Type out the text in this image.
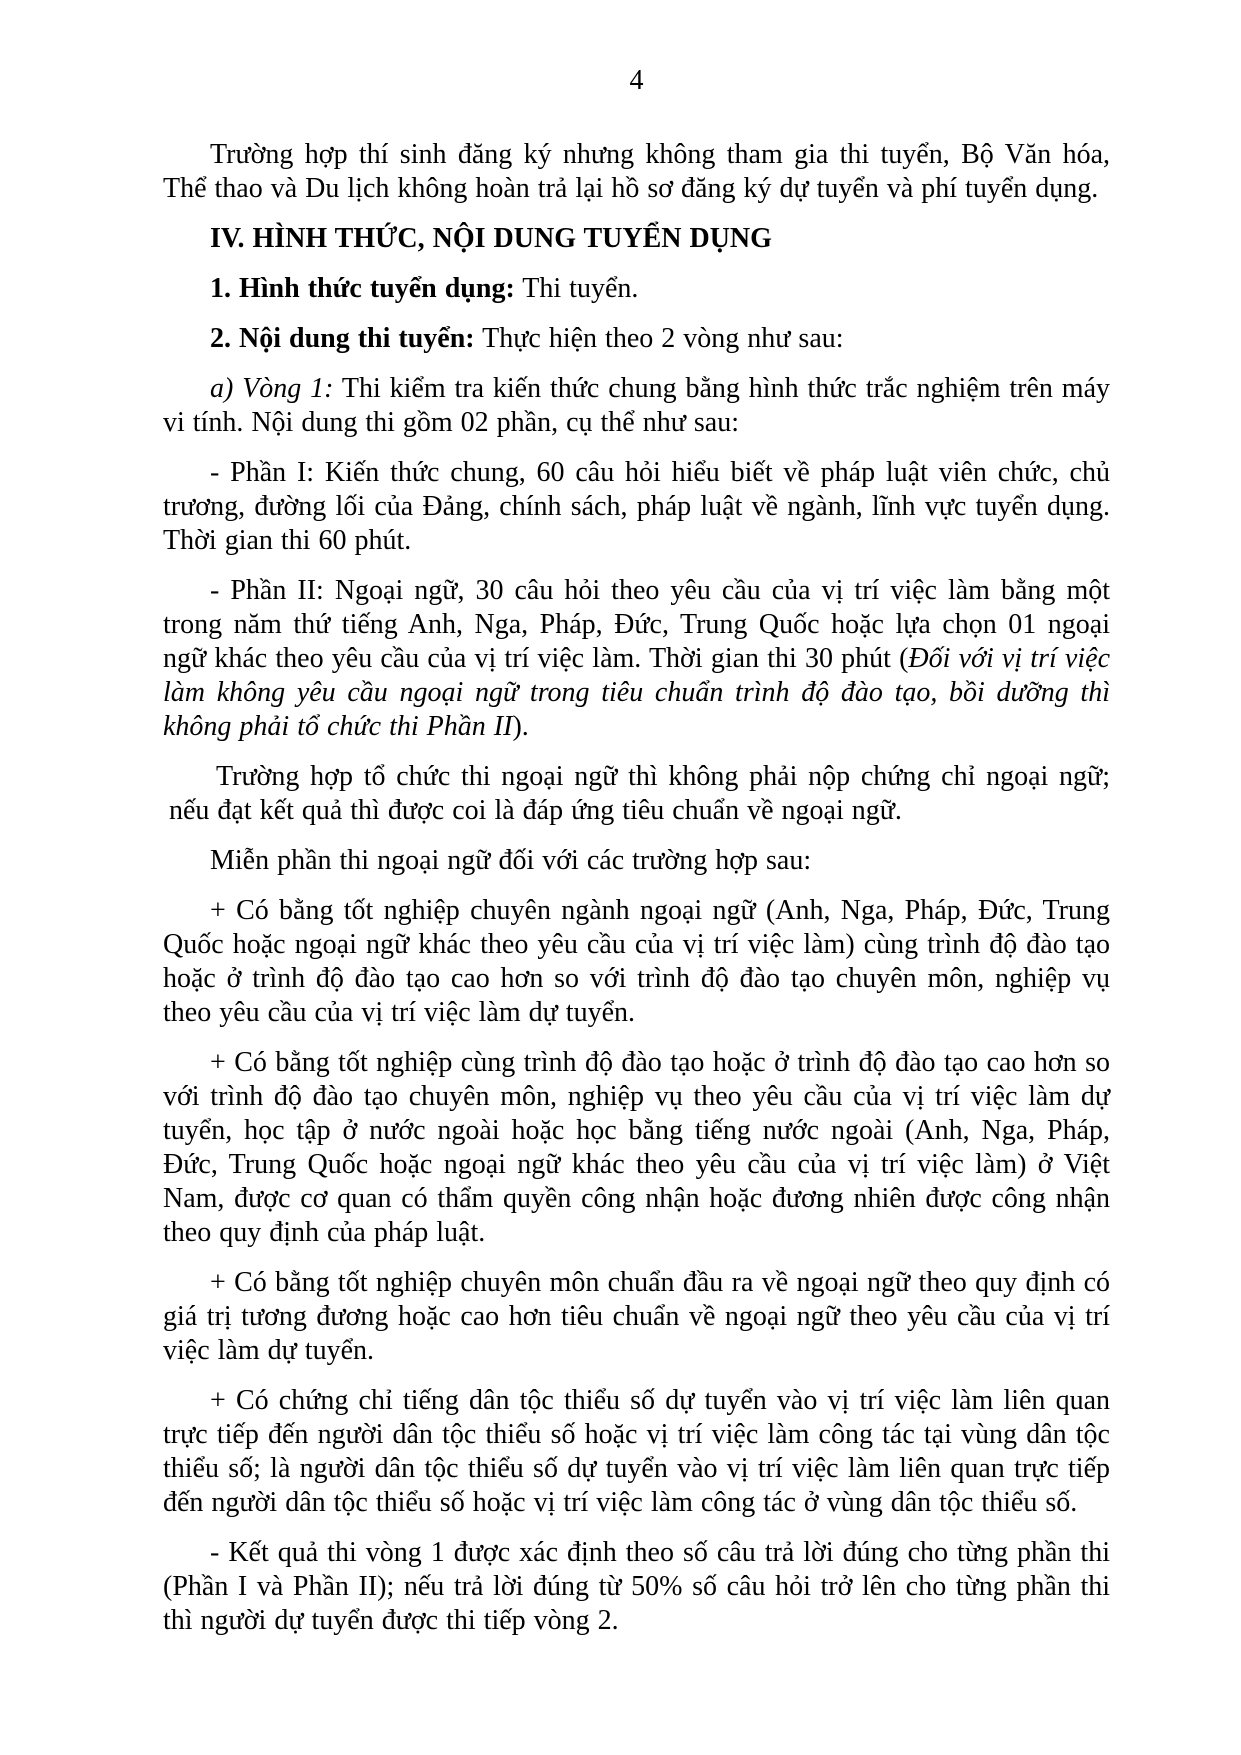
4

Trường hợp thí sinh đăng ký nhưng không tham gia thi tuyển, Bộ Văn hóa, Thể thao và Du lịch không hoàn trả lại hồ sơ đăng ký dự tuyển và phí tuyển dụng.

IV. HÌNH THỨC, NỘI DUNG TUYỂN DỤNG

1. Hình thức tuyển dụng: Thi tuyển.

2. Nội dung thi tuyển: Thực hiện theo 2 vòng như sau:

a) Vòng 1: Thi kiểm tra kiến thức chung bằng hình thức trắc nghiệm trên máy vi tính. Nội dung thi gồm 02 phần, cụ thể như sau:

- Phần I: Kiến thức chung, 60 câu hỏi hiểu biết về pháp luật viên chức, chủ trương, đường lối của Đảng, chính sách, pháp luật về ngành, lĩnh vực tuyển dụng. Thời gian thi 60 phút.

- Phần II: Ngoại ngữ, 30 câu hỏi theo yêu cầu của vị trí việc làm bằng một trong năm thứ tiếng Anh, Nga, Pháp, Đức, Trung Quốc hoặc lựa chọn 01 ngoại ngữ khác theo yêu cầu của vị trí việc làm. Thời gian thi 30 phút (Đối với vị trí việc làm không yêu cầu ngoại ngữ trong tiêu chuẩn trình độ đào tạo, bồi dưỡng thì không phải tổ chức thi Phần II).

Trường hợp tổ chức thi ngoại ngữ thì không phải nộp chứng chỉ ngoại ngữ; nếu đạt kết quả thì được coi là đáp ứng tiêu chuẩn về ngoại ngữ.

Miễn phần thi ngoại ngữ đối với các trường hợp sau:

+ Có bằng tốt nghiệp chuyên ngành ngoại ngữ (Anh, Nga, Pháp, Đức, Trung Quốc hoặc ngoại ngữ khác theo yêu cầu của vị trí việc làm) cùng trình độ đào tạo hoặc ở trình độ đào tạo cao hơn so với trình độ đào tạo chuyên môn, nghiệp vụ theo yêu cầu của vị trí việc làm dự tuyển.

+ Có bằng tốt nghiệp cùng trình độ đào tạo hoặc ở trình độ đào tạo cao hơn so với trình độ đào tạo chuyên môn, nghiệp vụ theo yêu cầu của vị trí việc làm dự tuyển, học tập ở nước ngoài hoặc học bằng tiếng nước ngoài (Anh, Nga, Pháp, Đức, Trung Quốc hoặc ngoại ngữ khác theo yêu cầu của vị trí việc làm) ở Việt Nam, được cơ quan có thẩm quyền công nhận hoặc đương nhiên được công nhận theo quy định của pháp luật.

+ Có bằng tốt nghiệp chuyên môn chuẩn đầu ra về ngoại ngữ theo quy định có giá trị tương đương hoặc cao hơn tiêu chuẩn về ngoại ngữ theo yêu cầu của vị trí việc làm dự tuyển.

+ Có chứng chỉ tiếng dân tộc thiểu số dự tuyển vào vị trí việc làm liên quan trực tiếp đến người dân tộc thiểu số hoặc vị trí việc làm công tác tại vùng dân tộc thiểu số; là người dân tộc thiểu số dự tuyển vào vị trí việc làm liên quan trực tiếp đến người dân tộc thiểu số hoặc vị trí việc làm công tác ở vùng dân tộc thiểu số.

- Kết quả thi vòng 1 được xác định theo số câu trả lời đúng cho từng phần thi (Phần I và Phần II); nếu trả lời đúng từ 50% số câu hỏi trở lên cho từng phần thi thì người dự tuyển được thi tiếp vòng 2.
